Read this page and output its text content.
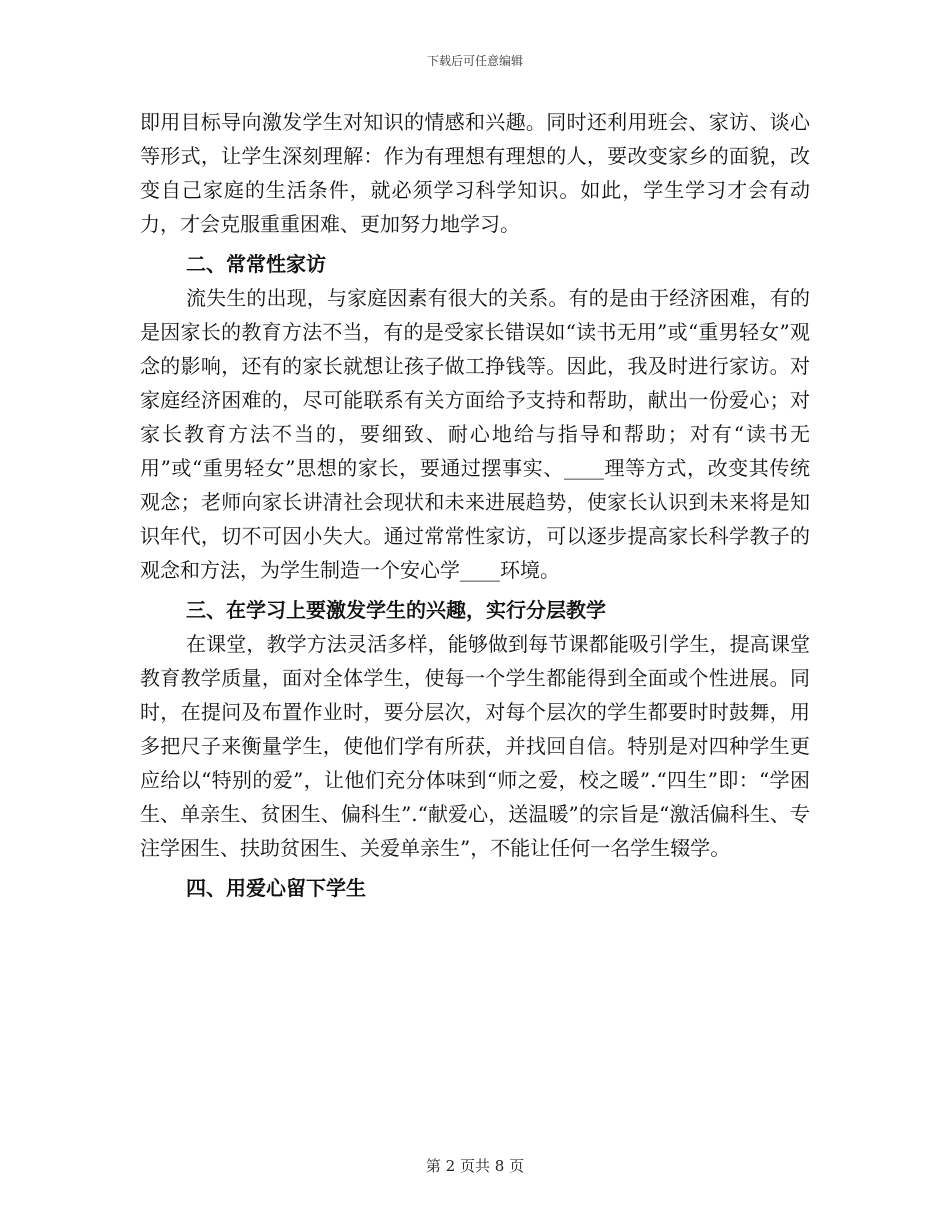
下载后可任意编辑

即用目标导向激发学生对知识的情感和兴趣。同时还利用班会、家访、谈心等形式，让学生深刻理解：作为有理想有理想的人，要改变家乡的面貌，改变自己家庭的生活条件，就必须学习科学知识。如此，学生学习才会有动力，才会克服重重困难、更加努力地学习。

二、常常性家访

流失生的出现，与家庭因素有很大的关系。有的是由于经济困难，有的是因家长的教育方法不当，有的是受家长错误如“读书无用”或“重男轻女”观念的影响，还有的家长就想让孩子做工挣钱等。因此，我及时进行家访。对家庭经济困难的，尽可能联系有关方面给予支持和帮助，献出一份爱心；对家长教育方法不当的，要细致、耐心地给与指导和帮助；对有“读书无用”或“重男轻女”思想的家长，要通过摆事实、____理等方式，改变其传统观念；老师向家长讲清社会现状和未来进展趋势，使家长认识到未来将是知识年代，切不可因小失大。通过常常性家访，可以逐步提高家长科学教子的观念和方法，为学生制造一个安心学____环境。

三、在学习上要激发学生的兴趣，实行分层教学

在课堂，教学方法灵活多样，能够做到每节课都能吸引学生，提高课堂教育教学质量，面对全体学生，使每一个学生都能得到全面或个性进展。同时，在提问及布置作业时，要分层次，对每个层次的学生都要时时鼓舞，用多把尺子来衡量学生，使他们学有所获，并找回自信。特别是对四种学生更应给以“特别的爱”，让他们充分体味到“师之爱，校之暖”.“四生”即：“学困生、单亲生、贫困生、偏科生”.“献爱心，送温暖”的宗旨是“激活偏科生、专注学困生、扶助贫困生、关爱单亲生”，不能让任何一名学生辍学。

四、用爱心留下学生

第 2 页共 8 页
